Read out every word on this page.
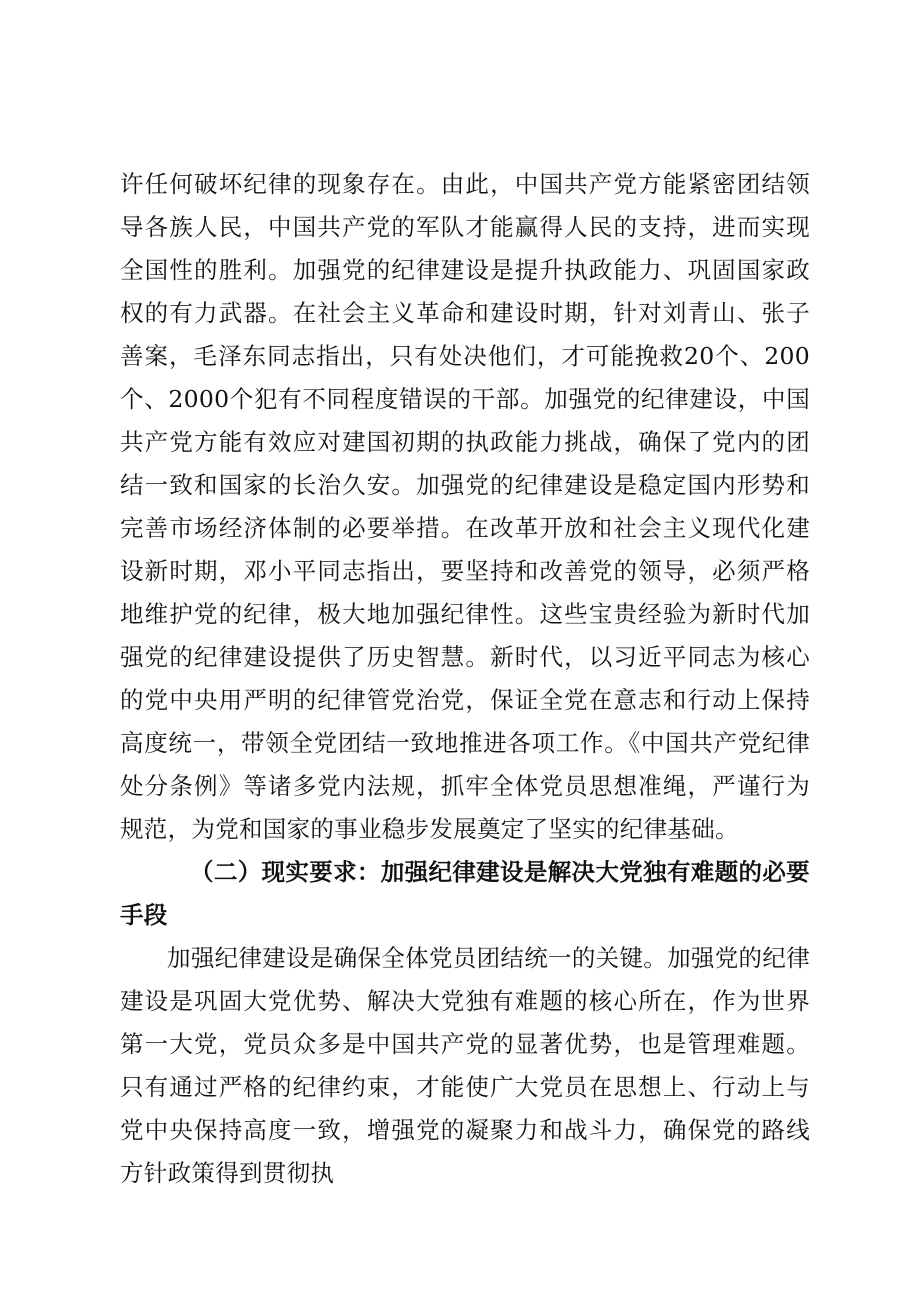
许任何破坏纪律的现象存在。由此，中国共产党方能紧密团结领导各族人民，中国共产党的军队才能赢得人民的支持，进而实现全国性的胜利。加强党的纪律建设是提升执政能力、巩固国家政权的有力武器。在社会主义革命和建设时期，针对刘青山、张子善案，毛泽东同志指出，只有处决他们，才可能挽救20个、200个、2000个犯有不同程度错误的干部。加强党的纪律建设，中国共产党方能有效应对建国初期的执政能力挑战，确保了党内的团结一致和国家的长治久安。加强党的纪律建设是稳定国内形势和完善市场经济体制的必要举措。在改革开放和社会主义现代化建设新时期，邓小平同志指出，要坚持和改善党的领导，必须严格地维护党的纪律，极大地加强纪律性。这些宝贵经验为新时代加强党的纪律建设提供了历史智慧。新时代，以习近平同志为核心的党中央用严明的纪律管党治党，保证全党在意志和行动上保持高度统一，带领全党团结一致地推进各项工作。《中国共产党纪律处分条例》等诸多党内法规，抓牢全体党员思想准绳，严谨行为规范，为党和国家的事业稳步发展奠定了坚实的纪律基础。

（二）现实要求：加强纪律建设是解决大党独有难题的必要手段

加强纪律建设是确保全体党员团结统一的关键。加强党的纪律建设是巩固大党优势、解决大党独有难题的核心所在，作为世界第一大党，党员众多是中国共产党的显著优势，也是管理难题。只有通过严格的纪律约束，才能使广大党员在思想上、行动上与党中央保持高度一致，增强党的凝聚力和战斗力，确保党的路线方针政策得到贯彻执
